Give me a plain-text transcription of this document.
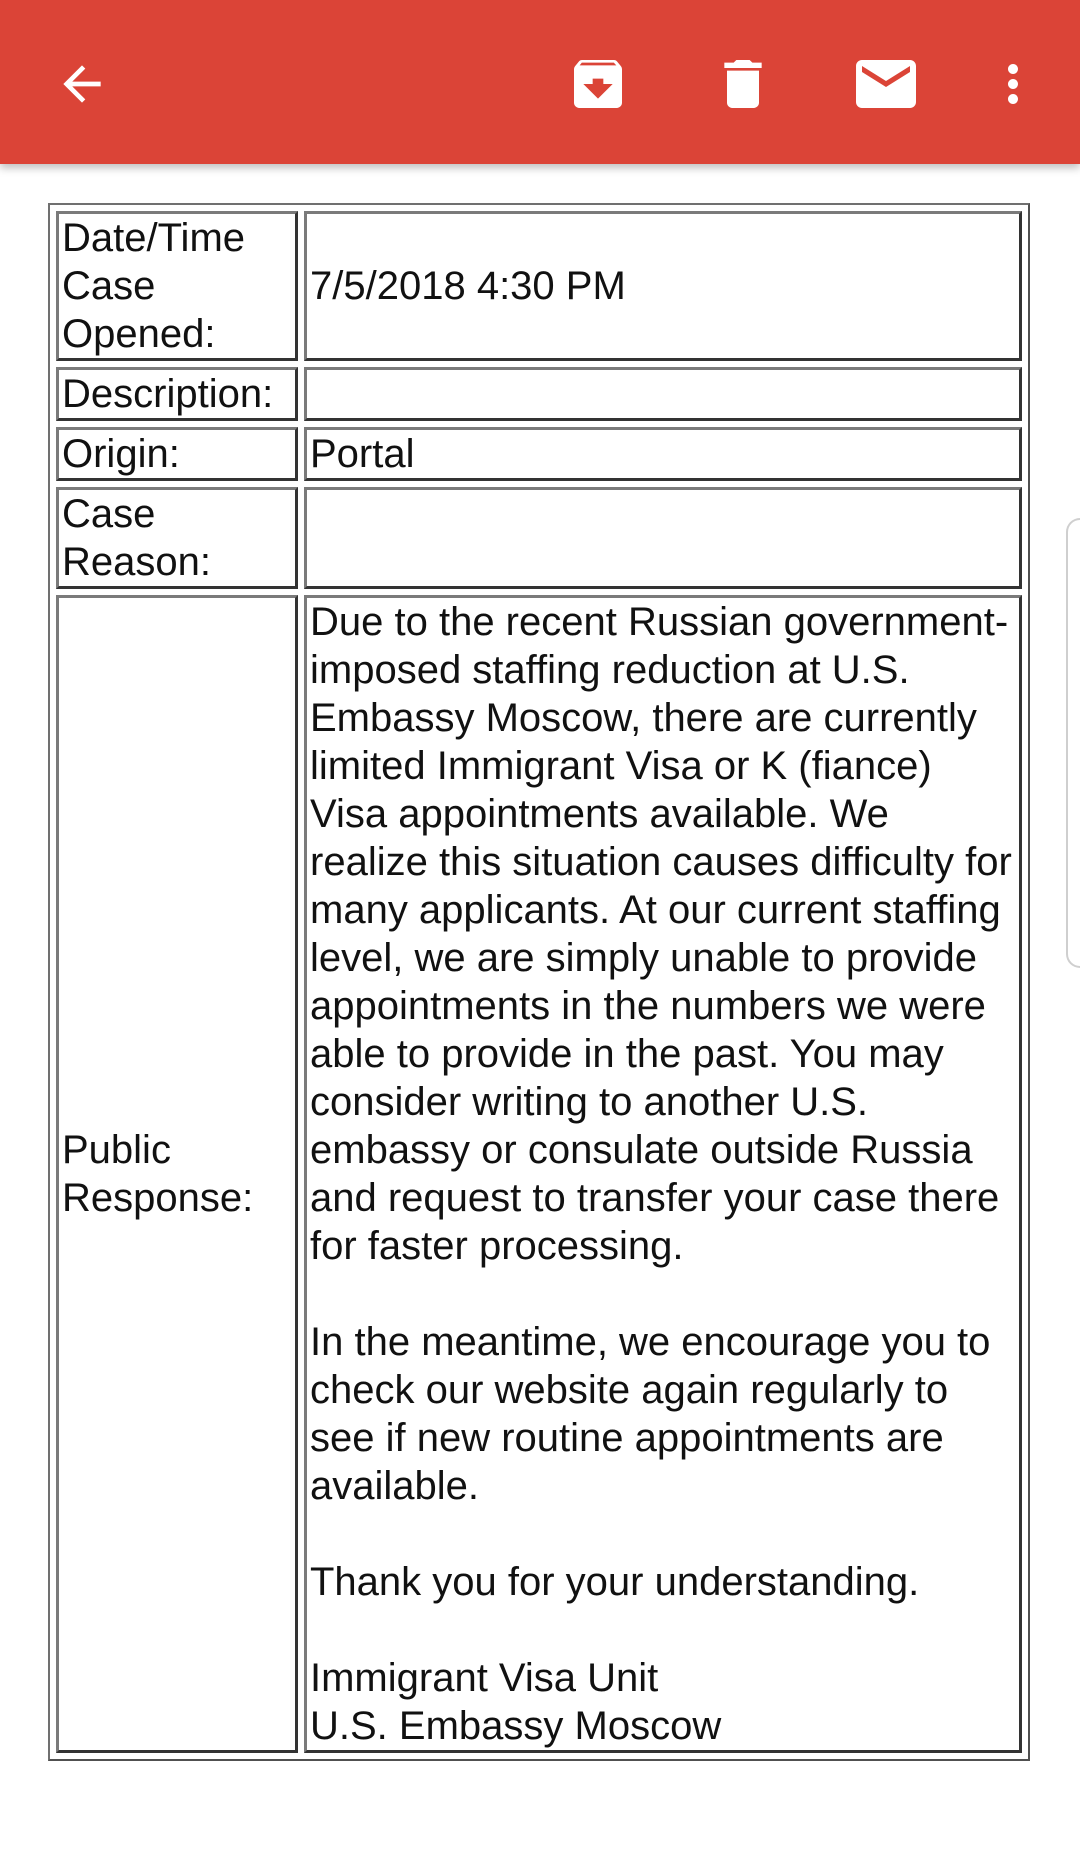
Date/Time Case Opened:		7/5/2018 4:30 PM
Description:		
Origin:		Portal
Case Reason:		
Public Response:		Due to the recent Russian government-imposed staffing reduction at U.S. Embassy Moscow, there are currently limited Immigrant Visa or K (fiance) Visa appointments available. We realize this situation causes difficulty for many applicants. At our current staffing level, we are simply unable to provide appointments in the numbers we were able to provide in the past. You may consider writing to another U.S. embassy or consulate outside Russia and request to transfer your case there for faster processing.

In the meantime, we encourage you to check our website again regularly to see if new routine appointments are available.

Thank you for your understanding.

Immigrant Visa Unit
U.S. Embassy Moscow
